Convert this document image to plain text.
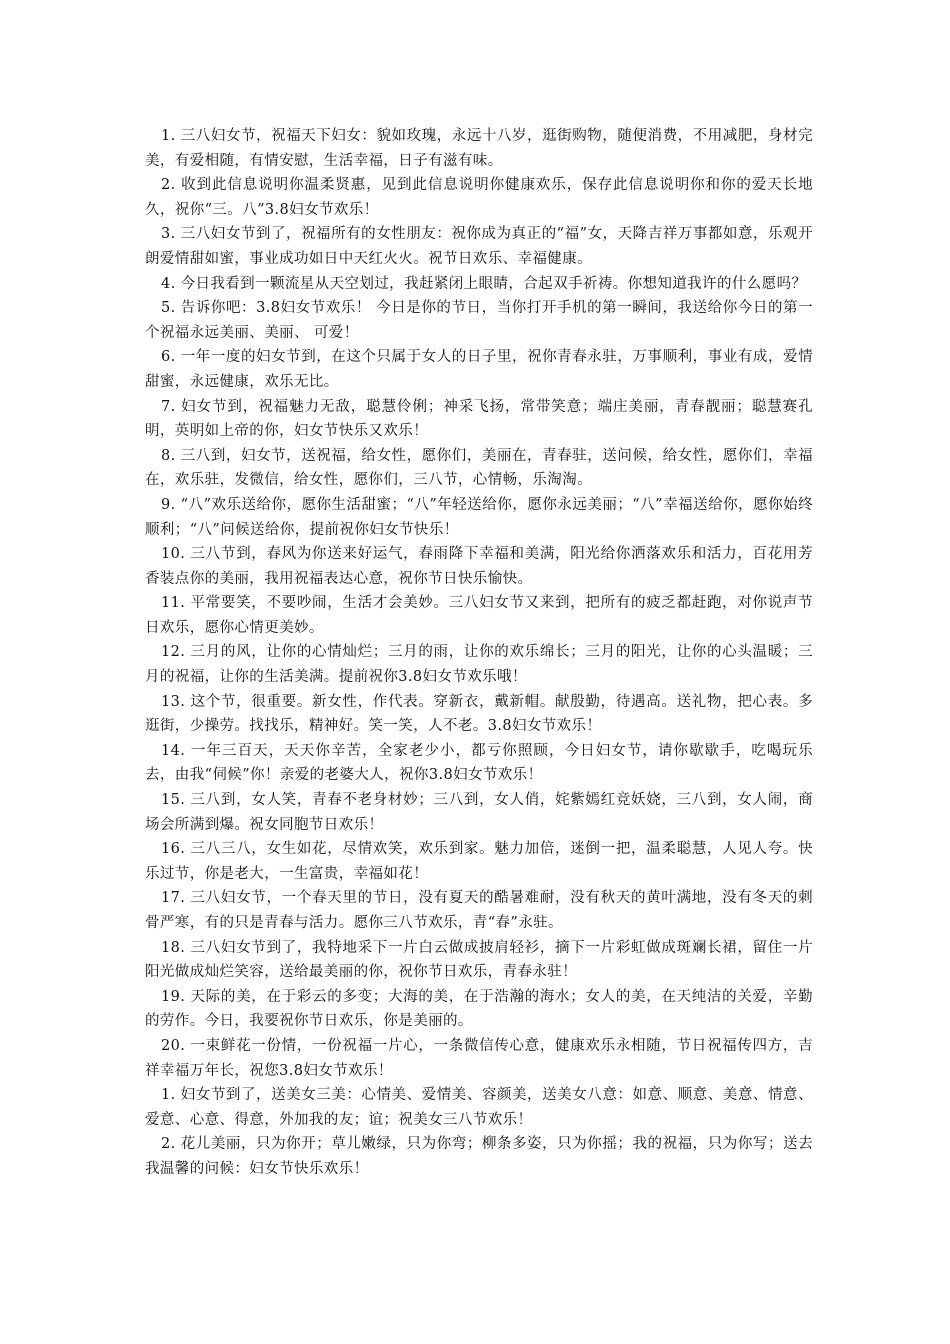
1. 三八妇女节，祝福天下妇女：貌如玫瑰，永远十八岁，逛街购物，随便消费，不用减肥，身材完美，有爱相随，有情安慰，生活幸福，日子有滋有味。

2. 收到此信息说明你温柔贤惠，见到此信息说明你健康欢乐，保存此信息说明你和你的爱天长地久，祝你“三。八”3.8妇女节欢乐！

3. 三八妇女节到了，祝福所有的女性朋友：祝你成为真正的“福”女，天降吉祥万事都如意，乐观开朗爱情甜如蜜，事业成功如日中天红火火。祝节日欢乐、幸福健康。

4. 今日我看到一颗流星从天空划过，我赶紧闭上眼睛，合起双手祈祷。你想知道我许的什么愿吗？

5. 告诉你吧：3.8妇女节欢乐！ 今日是你的节日，当你打开手机的第一瞬间，我送给你今日的第一个祝福永远美丽、美丽、 可爱！

6. 一年一度的妇女节到，在这个只属于女人的日子里，祝你青春永驻，万事顺利，事业有成，爱情甜蜜，永远健康，欢乐无比。

7. 妇女节到，祝福魅力无敌，聪慧伶俐；神采飞扬，常带笑意；端庄美丽，青春靓丽；聪慧赛孔明，英明如上帝的你，妇女节快乐又欢乐！

8. 三八到，妇女节，送祝福，给女性，愿你们，美丽在，青春驻，送问候，给女性，愿你们，幸福在，欢乐驻，发微信，给女性，愿你们，三八节，心情畅，乐淘淘。

9. “八”欢乐送给你，愿你生活甜蜜；“八”年轻送给你，愿你永远美丽；“八”幸福送给你，愿你始终顺利；“八”问候送给你，提前祝你妇女节快乐！

10. 三八节到，春风为你送来好运气，春雨降下幸福和美满，阳光给你洒落欢乐和活力，百花用芳香装点你的美丽，我用祝福表达心意，祝你节日快乐愉快。

11. 平常要笑，不要吵闹，生活才会美妙。三八妇女节又来到，把所有的疲乏都赶跑，对你说声节日欢乐，愿你心情更美妙。

12. 三月的风，让你的心情灿烂；三月的雨，让你的欢乐绵长；三月的阳光，让你的心头温暖；三月的祝福，让你的生活美满。提前祝你3.8妇女节欢乐哦！

13. 这个节，很重要。新女性，作代表。穿新衣，戴新帽。献殷勤，待遇高。送礼物，把心表。多逛街，少操劳。找找乐，精神好。笑一笑，人不老。3.8妇女节欢乐！

14. 一年三百天，天天你辛苦，全家老少小，都亏你照顾，今日妇女节，请你歇歇手，吃喝玩乐去，由我“伺候”你！亲爱的老婆大人，祝你3.8妇女节欢乐！

15. 三八到，女人笑，青春不老身材妙；三八到，女人俏，姹紫嫣红竞妖娆，三八到，女人闹，商场会所满到爆。祝女同胞节日欢乐！

16. 三八三八，女生如花，尽情欢笑，欢乐到家。魅力加倍，迷倒一把，温柔聪慧，人见人夸。快乐过节，你是老大，一生富贵，幸福如花！

17. 三八妇女节，一个春天里的节日，没有夏天的酷暑难耐，没有秋天的黄叶满地，没有冬天的刺骨严寒，有的只是青春与活力。愿你三八节欢乐，青“春”永驻。

18. 三八妇女节到了，我特地采下一片白云做成披肩轻衫，摘下一片彩虹做成斑斓长裙，留住一片阳光做成灿烂笑容，送给最美丽的你，祝你节日欢乐，青春永驻！

19. 天际的美，在于彩云的多变；大海的美，在于浩瀚的海水；女人的美，在天纯洁的关爱，辛勤的劳作。今日，我要祝你节日欢乐，你是美丽的。

20. 一束鲜花一份情，一份祝福一片心，一条微信传心意，健康欢乐永相随，节日祝福传四方，吉祥幸福万年长，祝您3.8妇女节欢乐！

1. 妇女节到了，送美女三美：心情美、爱情美、容颜美，送美女八意：如意、顺意、美意、情意、爱意、心意、得意，外加我的友；谊；祝美女三八节欢乐！

2. 花儿美丽，只为你开；草儿嫩绿，只为你弯；柳条多姿，只为你摇；我的祝福，只为你写；送去我温馨的问候：妇女节快乐欢乐！
